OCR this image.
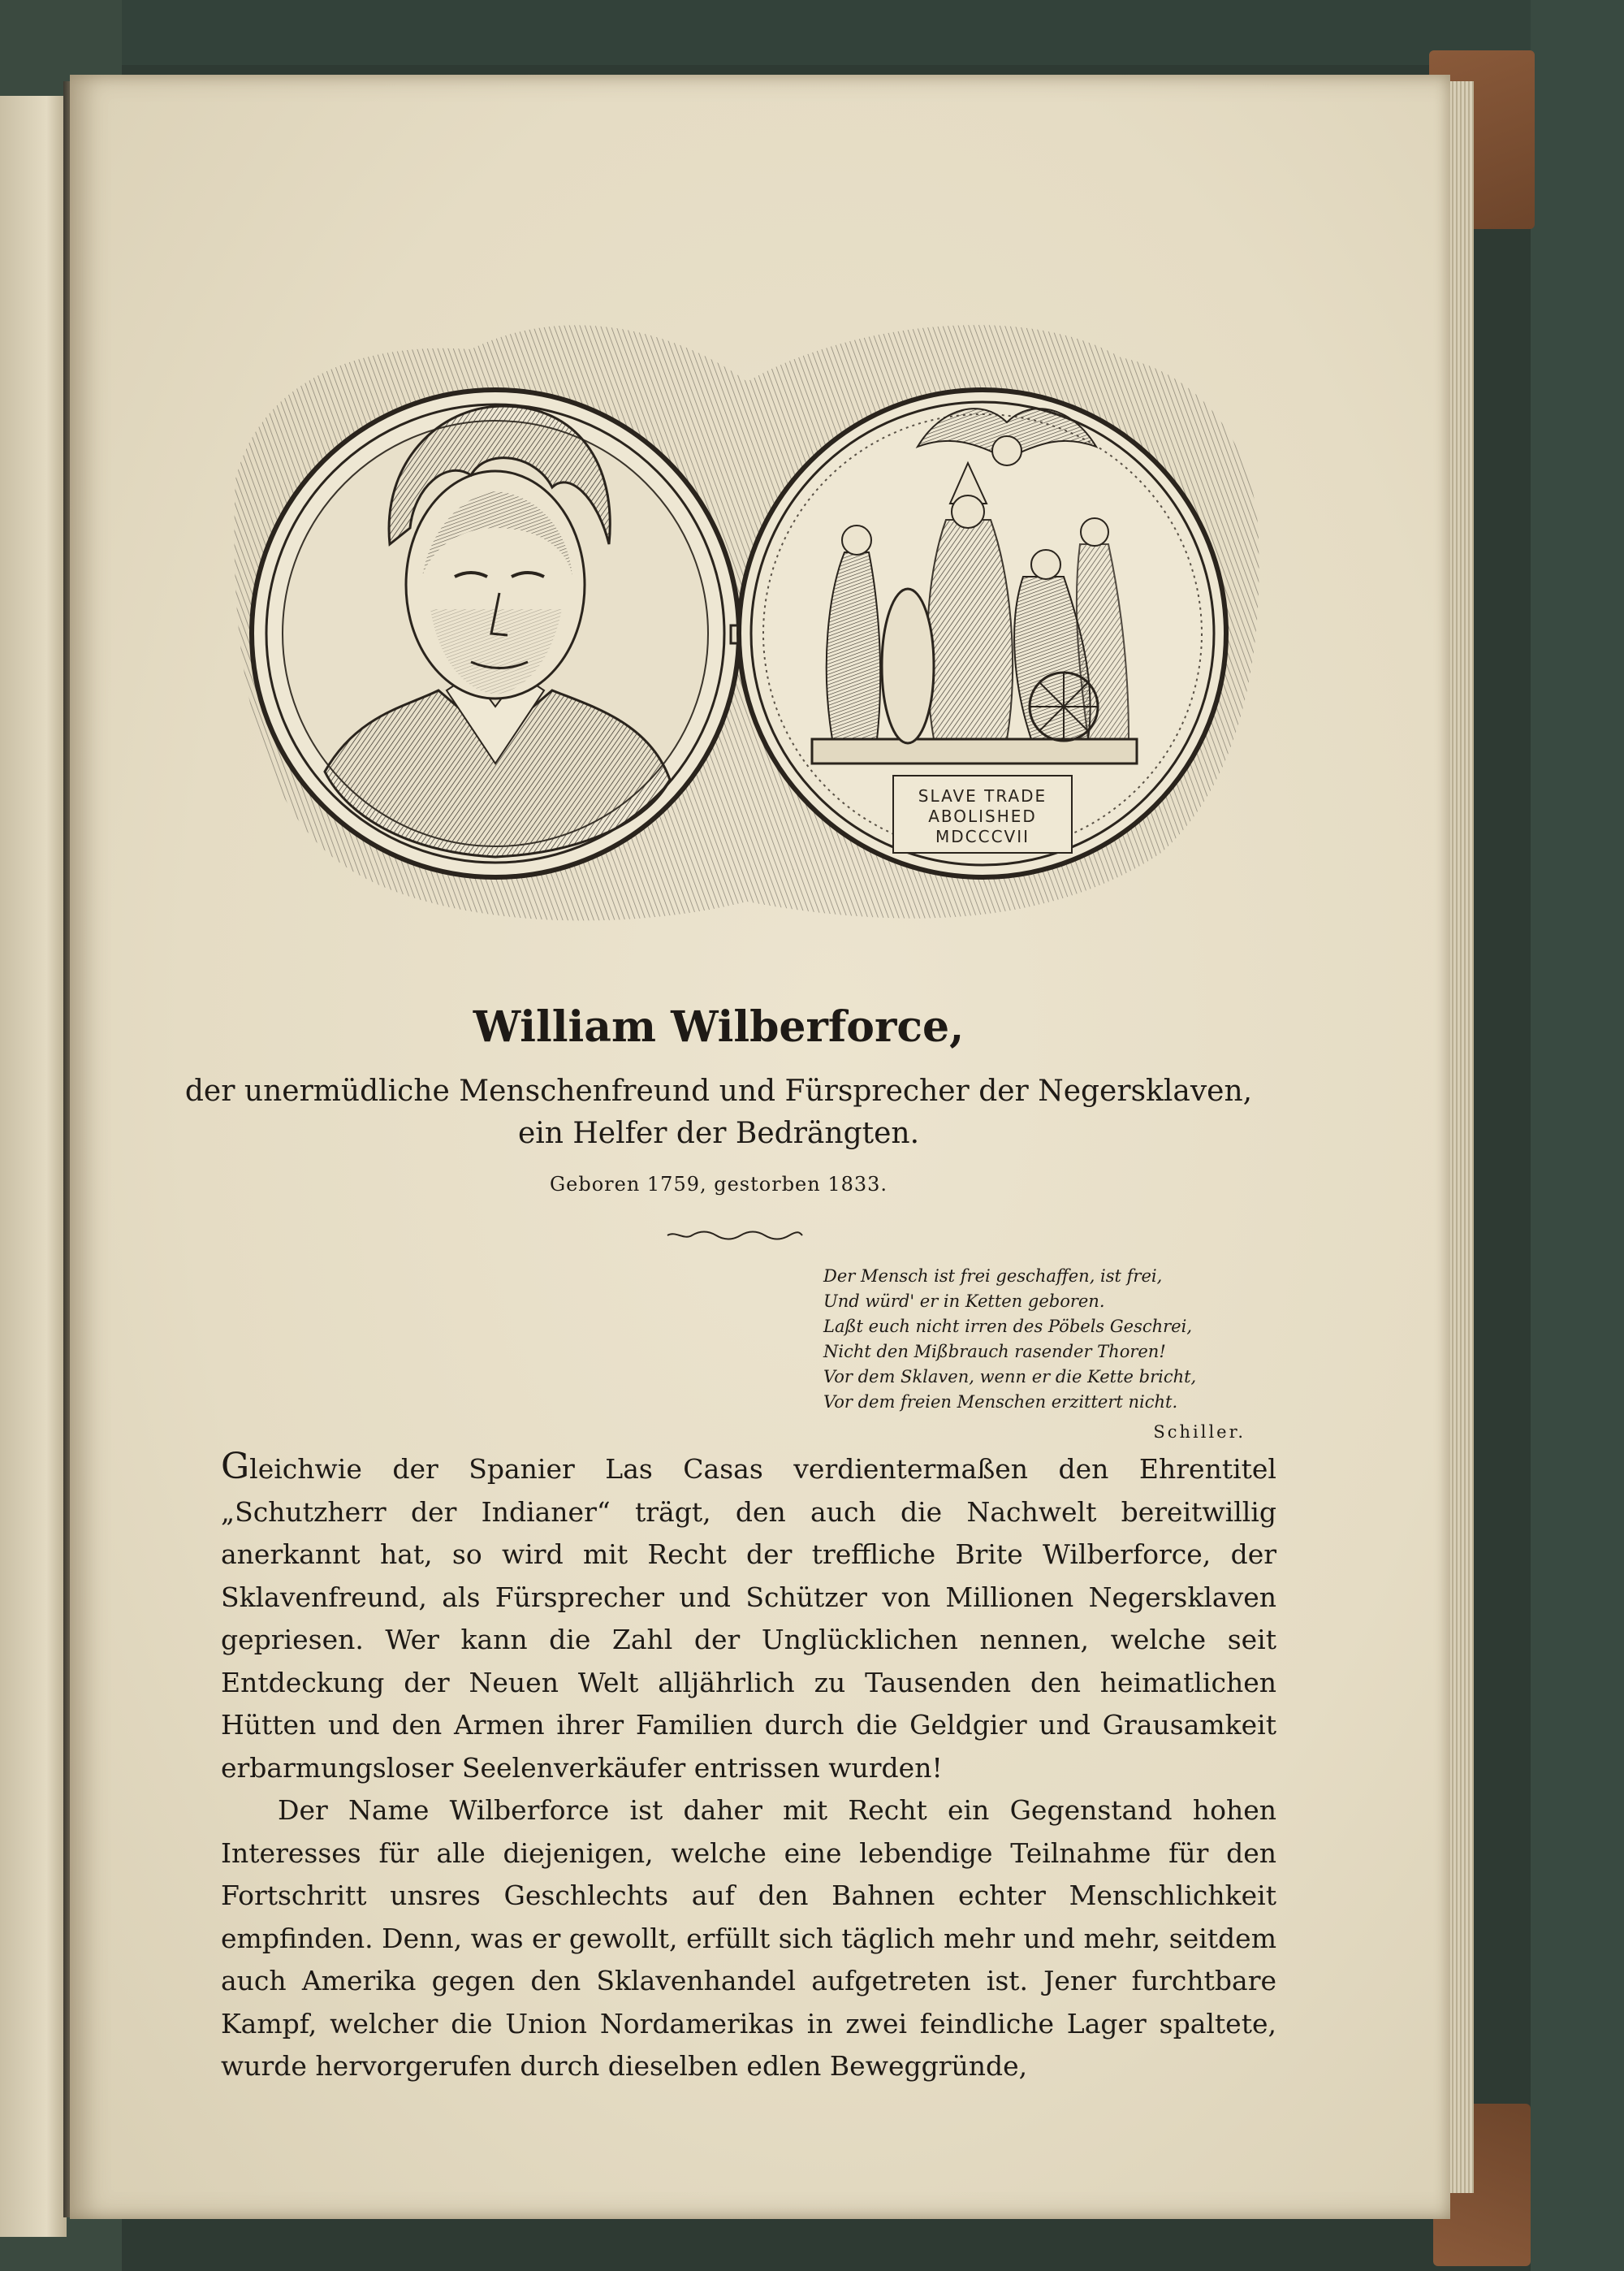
SLAVE TRADE
ABOLISHED
MDCCCVII
William Wilberforce,
der unermüdliche Menschenfreund und Fürsprecher der Negersklaven,
ein Helfer der Bedrängten.
Geboren 1759, gestorben 1833.
Der Mensch ist frei geschaffen, ist frei,
Und würd' er in Ketten geboren.
Laßt euch nicht irren des Pöbels Geschrei,
Nicht den Mißbrauch rasender Thoren!
Vor dem Sklaven, wenn er die Kette bricht,
Vor dem freien Menschen erzittert nicht.
Schiller.

Gleichwie der Spanier Las Casas verdientermaßen den Ehrentitel „Schutzherr der Indianer“ trägt, den auch die Nachwelt bereitwillig anerkannt hat, so wird mit Recht der treffliche Brite Wilberforce, der Sklavenfreund, als Fürsprecher und Schützer von Millionen Negersklaven gepriesen. Wer kann die Zahl der Unglücklichen nennen, welche seit Entdeckung der Neuen Welt alljährlich zu Tausenden den heimatlichen Hütten und den Armen ihrer Familien durch die Geldgier und Grausamkeit erbarmungsloser Seelenverkäufer entrissen wurden!

Der Name Wilberforce ist daher mit Recht ein Gegenstand hohen Interesses für alle diejenigen, welche eine lebendige Teilnahme für den Fortschritt unsres Geschlechts auf den Bahnen echter Menschlichkeit empfinden. Denn, was er gewollt, erfüllt sich täglich mehr und mehr, seitdem auch Amerika gegen den Sklavenhandel aufgetreten ist. Jener furchtbare Kampf, welcher die Union Nordamerikas in zwei feindliche Lager spaltete, wurde hervorgerufen durch dieselben edlen Beweggründe,
